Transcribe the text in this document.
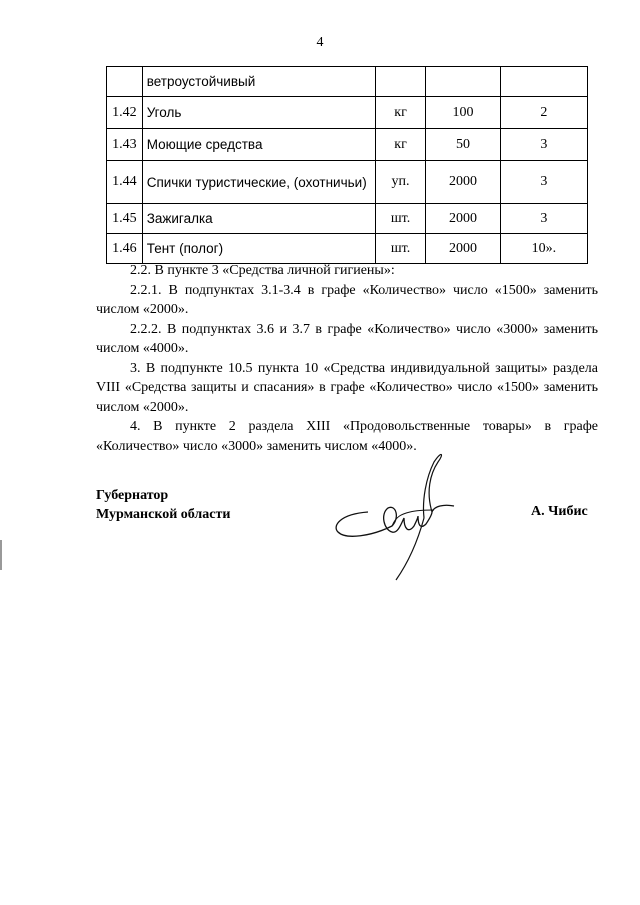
4
	ветроустойчивый			
1.42	Уголь	кг	100	2
1.43	Моющие средства	кг	50	3
1.44	Спички туристические, (охотничьи)	уп.	2000	3
1.45	Зажигалка	шт.	2000	3
1.46	Тент (полог)	шт.	2000	10».

2.2. В пункте 3 «Средства личной гигиены»:

2.2.1. В подпунктах 3.1-3.4 в графе «Количество» число «1500» заменить числом «2000».

2.2.2. В подпунктах 3.6 и 3.7 в графе «Количество» число «3000» заменить числом «4000».

3. В подпункте 10.5 пункта 10 «Средства индивидуальной защиты» раздела VIII «Средства защиты и спасания» в графе «Количество» число «1500» заменить числом «2000».

4. В пункте 2 раздела XIII «Продовольственные товары» в графе «Количество» число «3000» заменить числом «4000».

Губернатор
Мурманской области	А. Чибис
